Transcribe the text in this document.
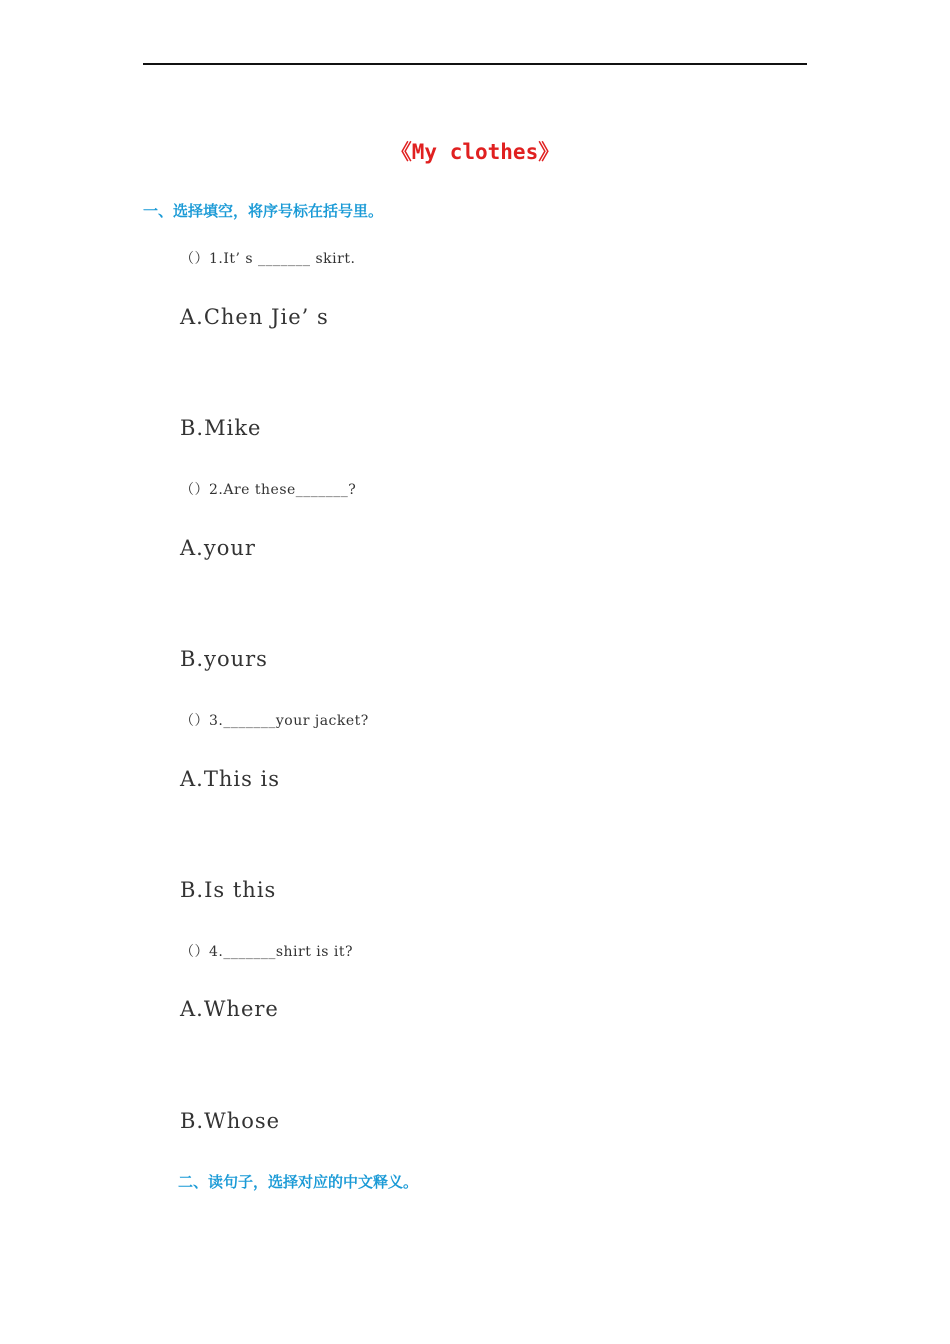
《My clothes》
一、选择填空，将序号标在括号里。
（）1.It’ s _______ skirt.
A.Chen Jie’ s
B.Mike
（）2.Are these_______?
A.your
B.yours
（）3._______your jacket?
A.This is
B.Is this
（）4._______shirt is it?
A.Where
B.Whose
二、读句子，选择对应的中文释义。
